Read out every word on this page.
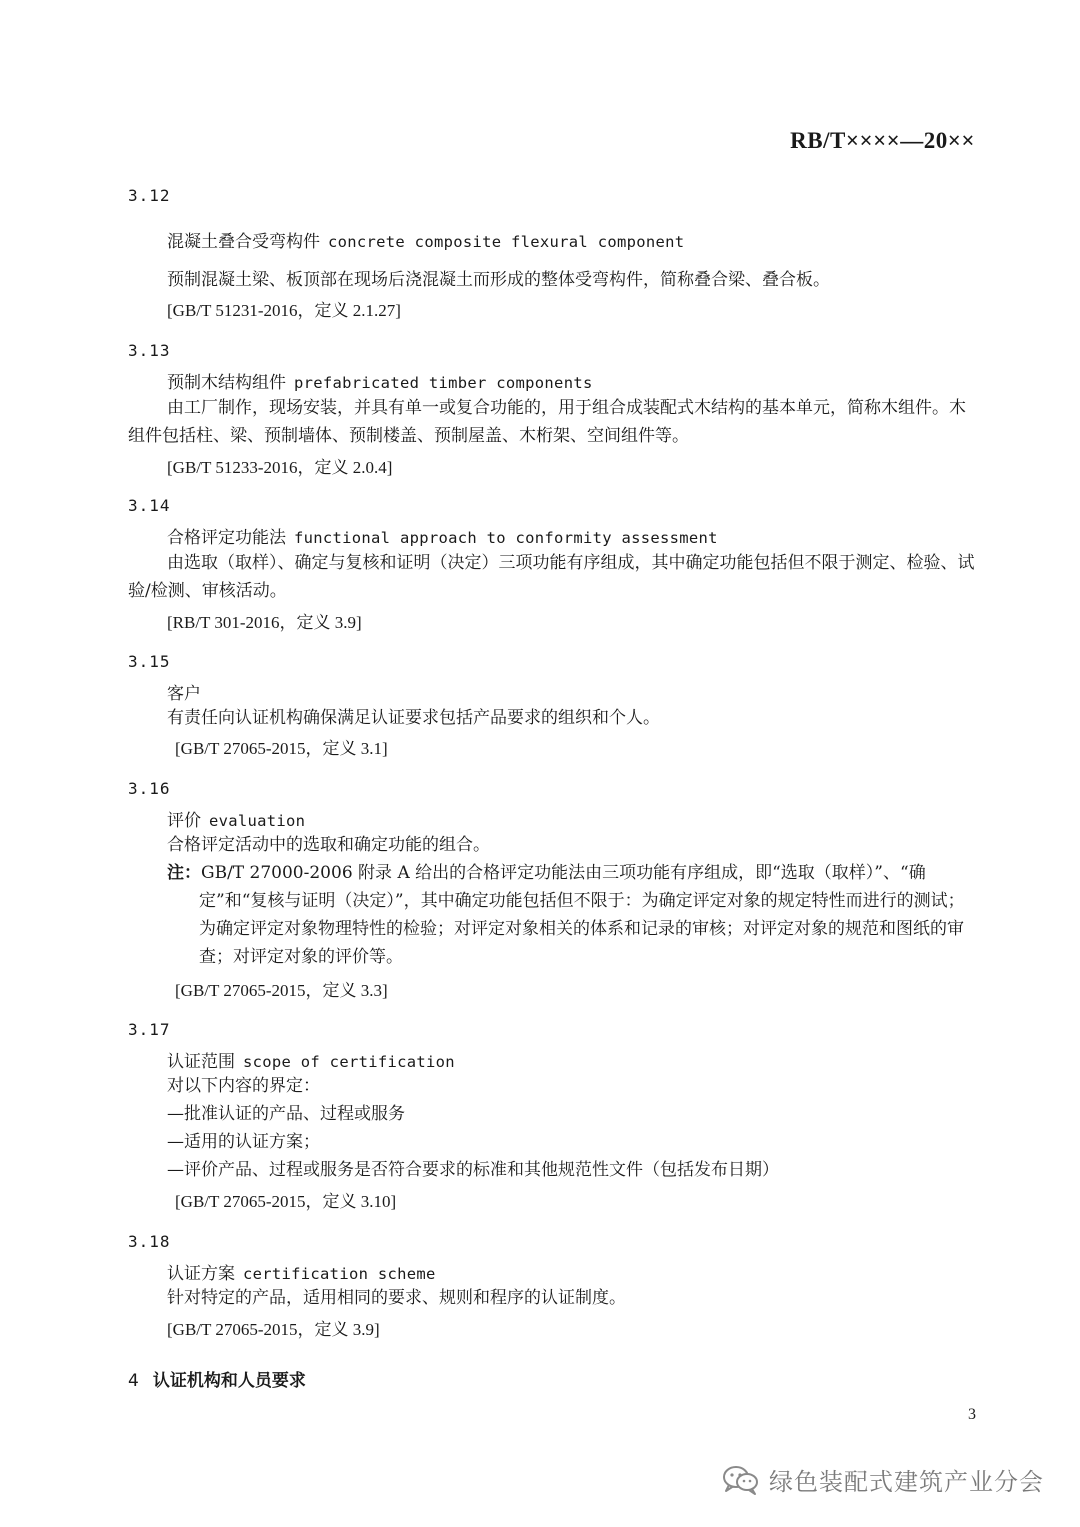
RB/T××××—20××
3.12
混凝土叠合受弯构件 concrete composite flexural component
预制混凝土梁、板顶部在现场后浇混凝土而形成的整体受弯构件，简称叠合梁、叠合板。
[GB/T 51231-2016，定义 2.1.27]
3.13
预制木结构组件 prefabricated timber components
由工厂制作，现场安装，并具有单一或复合功能的，用于组合成装配式木结构的基本单元，简称木组件。木组件包括柱、梁、预制墙体、预制楼盖、预制屋盖、木桁架、空间组件等。
[GB/T 51233-2016，定义 2.0.4]
3.14
合格评定功能法 functional approach to conformity assessment
由选取（取样）、确定与复核和证明（决定）三项功能有序组成，其中确定功能包括但不限于测定、检验、试验/检测、审核活动。
[RB/T 301-2016，定义 3.9]
3.15
客户
有责任向认证机构确保满足认证要求包括产品要求的组织和个人。
[GB/T 27065-2015，定义 3.1]
3.16
评价 evaluation
合格评定活动中的选取和确定功能的组合。
注：GB/T 27000-2006 附录 A 给出的合格评定功能法由三项功能有序组成，即“选取（取样）”、“确定”和“复核与证明（决定）”，其中确定功能包括但不限于：为确定评定对象的规定特性而进行的测试；为确定评定对象物理特性的检验；对评定对象相关的体系和记录的审核；对评定对象的规范和图纸的审查；对评定对象的评价等。
[GB/T 27065-2015，定义 3.3]
3.17
认证范围 scope of certification
对以下内容的界定：
—批准认证的产品、过程或服务
—适用的认证方案；
—评价产品、过程或服务是否符合要求的标准和其他规范性文件（包括发布日期）
[GB/T 27065-2015，定义 3.10]
3.18
认证方案 certification scheme
针对特定的产品，适用相同的要求、规则和程序的认证制度。
[GB/T 27065-2015，定义 3.9]
4 认证机构和人员要求
3
绿色装配式建筑产业分会
